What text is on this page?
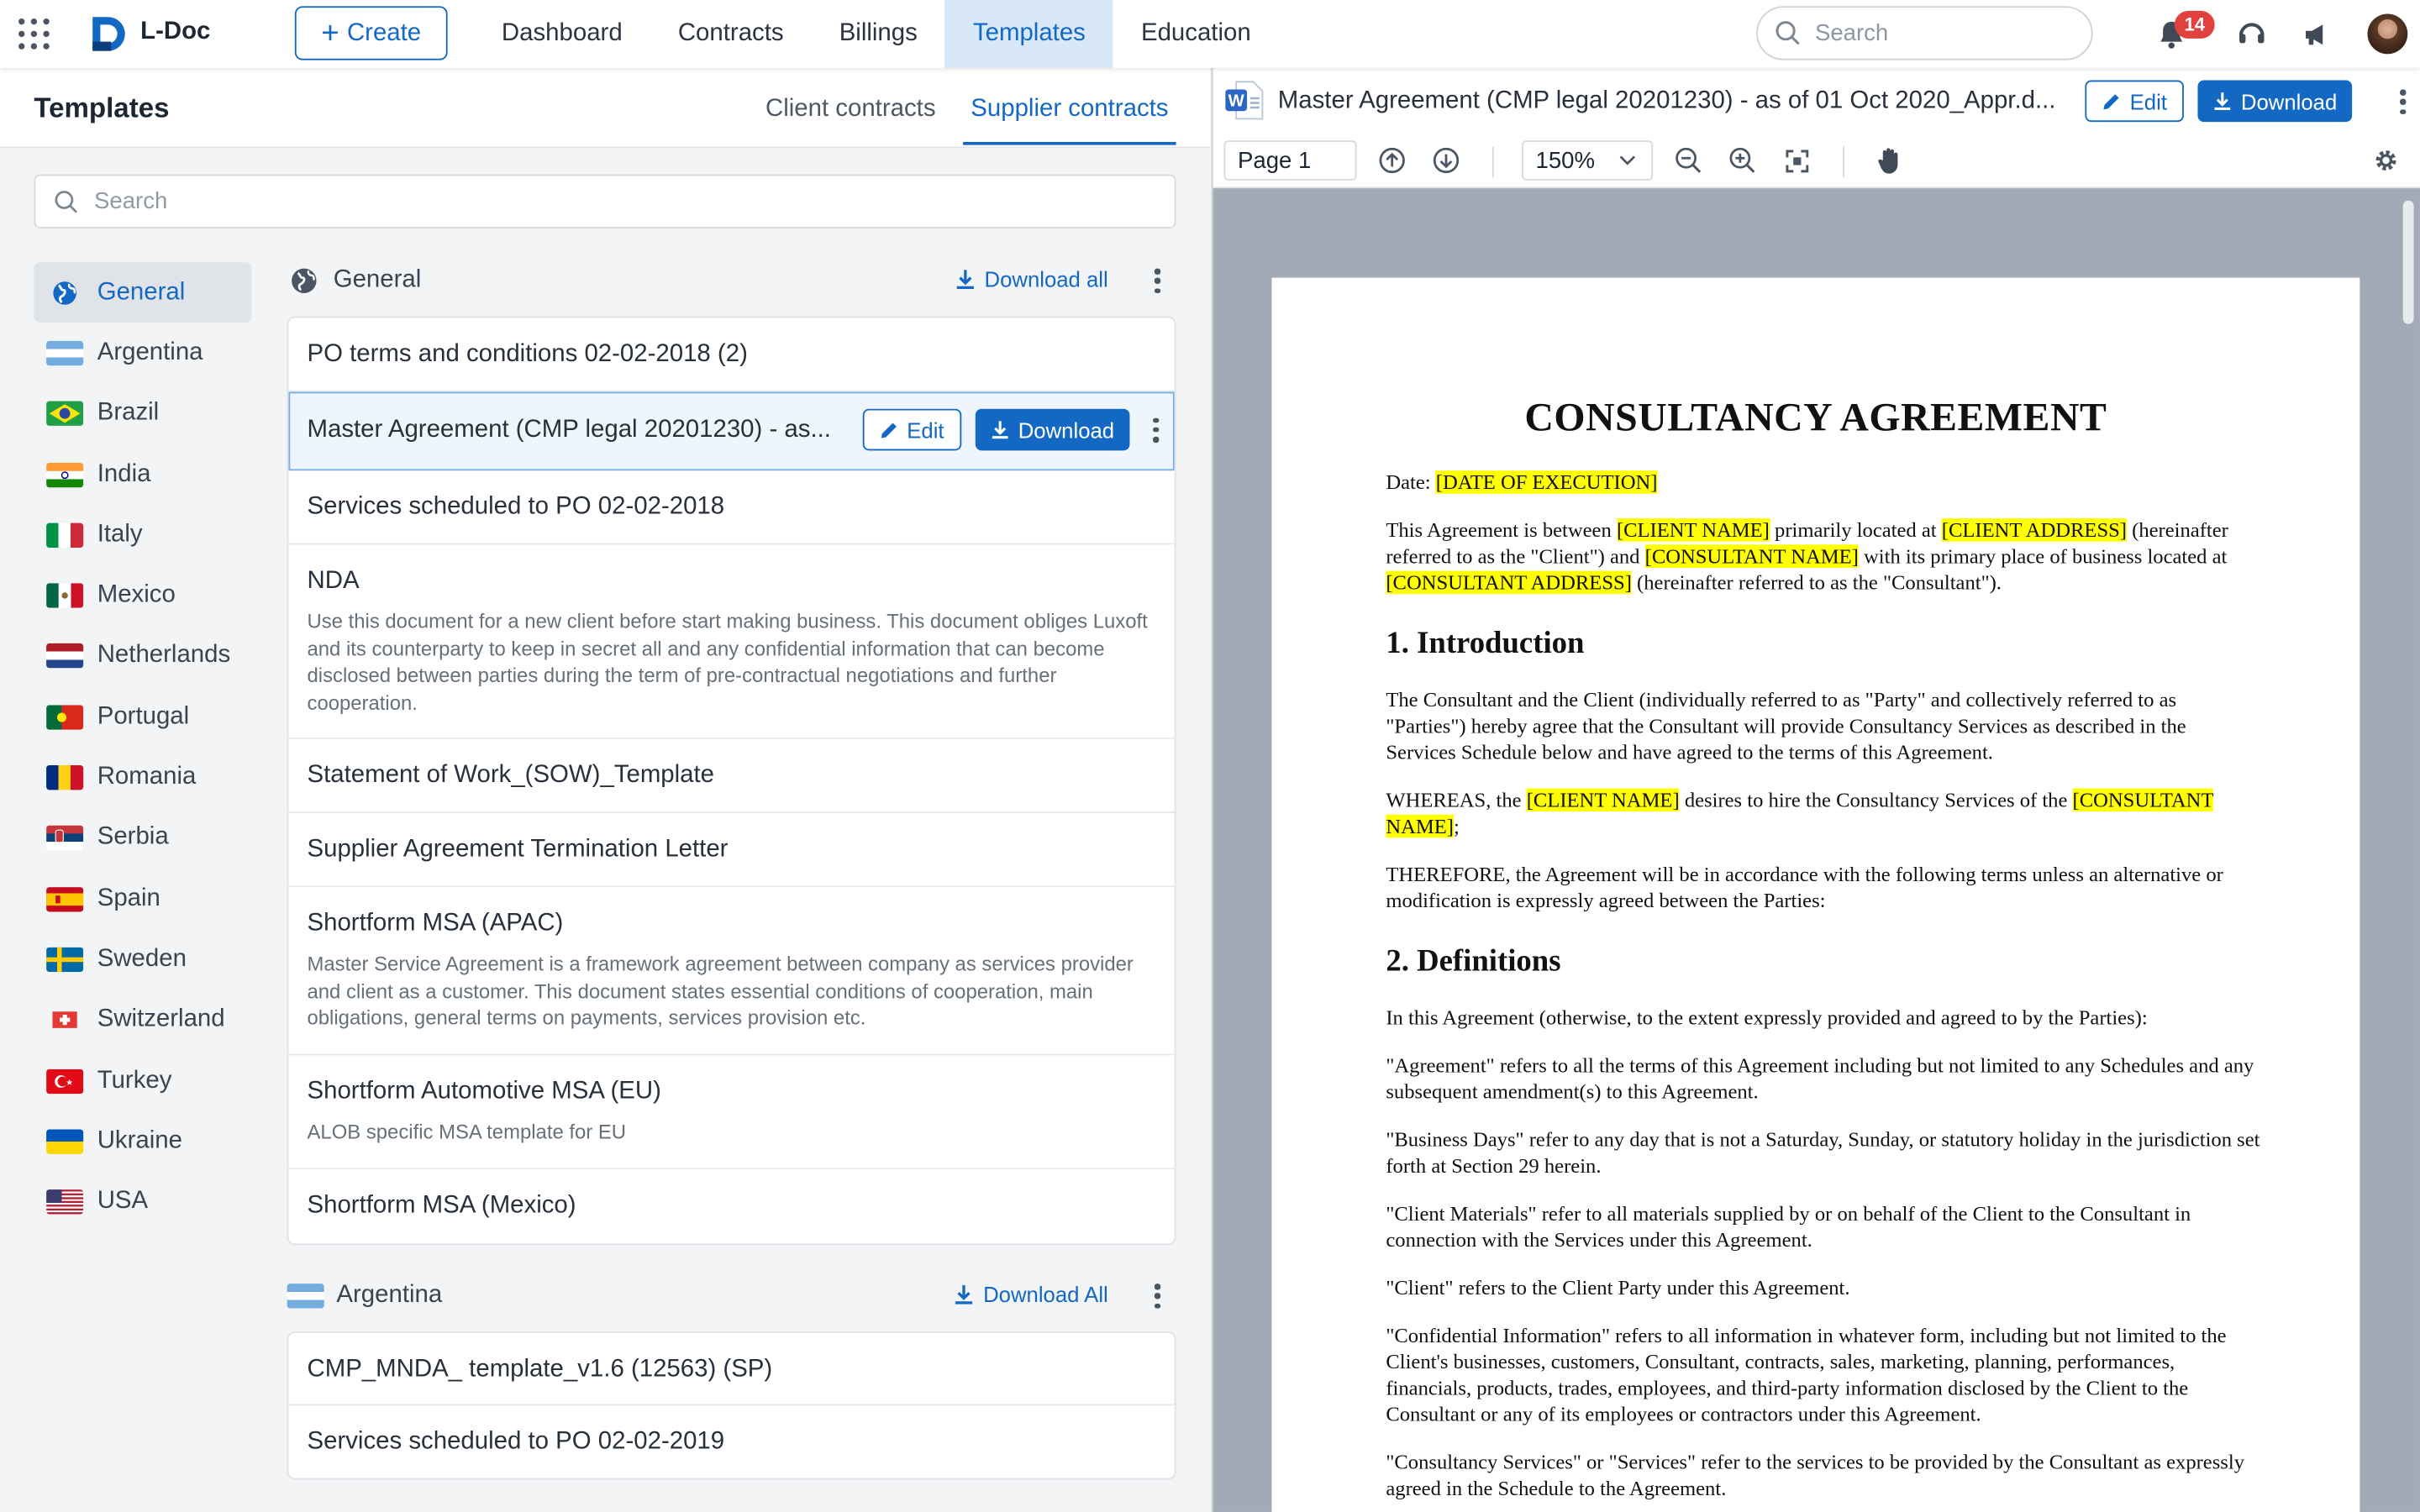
L-Doc	+ Create	Dashboard	Contracts	Billings	Templates	Education	Search	14
Templates	Client contracts	Supplier contracts
Search
General
Argentina
Brazil
India
Italy
Mexico
Netherlands
Portugal
Romania
Serbia
Spain
Sweden
Switzerland
Turkey
Ukraine
USA
General	Download all
PO terms and conditions 02-02-2018 (2)
Master Agreement (CMP legal 20201230) - as...	Edit	Download
Services scheduled to PO 02-02-2018
NDA
Use this document for a new client before start making business. This document obliges Luxoft and its counterparty to keep in secret all and any confidential information that can become disclosed between parties during the term of pre-contractual negotiations and further cooperation.
Statement of Work_(SOW)_Template
Supplier Agreement Termination Letter
Shortform MSA (APAC)
Master Service Agreement is a framework agreement between company as services provider and client as a customer. This document states essential conditions of cooperation, main obligations, general terms on payments, services provision etc.
Shortform Automotive MSA (EU)
ALOB specific MSA template for EU
Shortform MSA (Mexico)
Argentina	Download All
CMP_MNDA_ template_v1.6 (12563) (SP)
Services scheduled to PO 02-02-2019
W	Master Agreement (CMP legal 20201230) - as of 01 Oct 2020_Appr.d...	Edit	Download
Page 1	150%
CONSULTANCY AGREEMENT

Date: [DATE OF EXECUTION]

This Agreement is between [CLIENT NAME] primarily located at [CLIENT ADDRESS] (hereinafter referred to as the "Client") and [CONSULTANT NAME] with its primary place of business located at [CONSULTANT ADDRESS] (hereinafter referred to as the "Consultant").

1. Introduction

The Consultant and the Client (individually referred to as "Party" and collectively referred to as "Parties") hereby agree that the Consultant will provide Consultancy Services as described in the Services Schedule below and have agreed to the terms of this Agreement.

WHEREAS, the [CLIENT NAME] desires to hire the Consultancy Services of the [CONSULTANT NAME];

THEREFORE, the Agreement will be in accordance with the following terms unless an alternative or modification is expressly agreed between the Parties:

2. Definitions

In this Agreement (otherwise, to the extent expressly provided and agreed to by the Parties):

"Agreement" refers to all the terms of this Agreement including but not limited to any Schedules and any subsequent amendment(s) to this Agreement.

"Business Days" refer to any day that is not a Saturday, Sunday, or statutory holiday in the jurisdiction set forth at Section 29 herein.

"Client Materials" refer to all materials supplied by or on behalf of the Client to the Consultant in connection with the Services under this Agreement.

"Client" refers to the Client Party under this Agreement.

"Confidential Information" refers to all information in whatever form, including but not limited to the Client's businesses, customers, Consultant, contracts, sales, marketing, planning, performances, financials, products, trades, employees, and third-party information disclosed by the Client to the Consultant or any of its employees or contractors under this Agreement.

"Consultancy Services" or "Services" refer to the services to be provided by the Consultant as expressly agreed in the Schedule to the Agreement.
